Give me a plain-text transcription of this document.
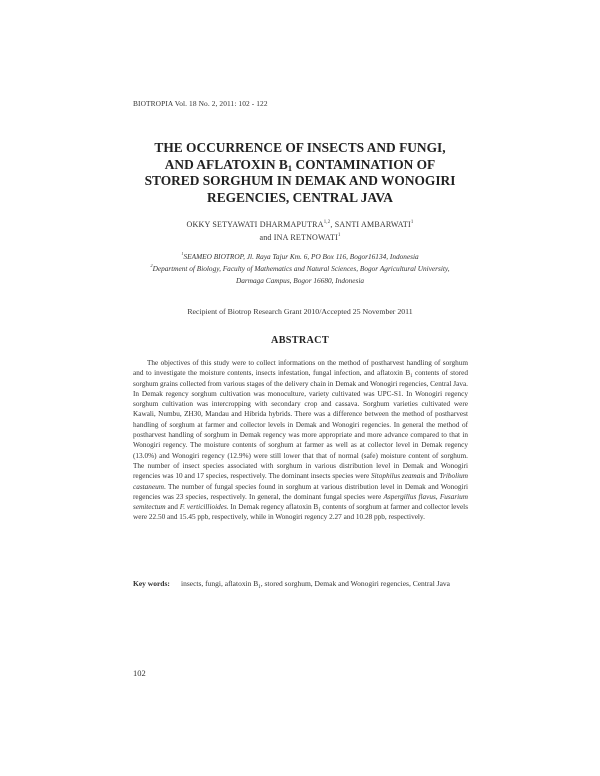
BIOTROPIA Vol. 18 No. 2, 2011: 102 - 122
THE OCCURRENCE OF INSECTS AND FUNGI,
AND AFLATOXIN $B_1$ CONTAMINATION OF
STORED SORGHUM IN DEMAK AND WONOGIRI
REGENCIES, CENTRAL JAVA
OKKY SETYAWATI DHARMAPUTRA$^{1,2}$, SANTI AMBARWATI$^1$
and INA RETNOWATI$^1$
$^1$SEAMEO BIOTROP, Jl. Raya Tajur Km. 6, PO Box 116, Bogor16134, Indonesia
$^2$Department of Biology, Faculty of Mathematics and Natural Sciences, Bogor Agricultural University,
Darmaga Campus, Bogor 16680, Indonesia
Recipient of Biotrop Research Grant 2010/Accepted 25 November 2011
ABSTRACT

The objectives of this study were to collect informations on the method of postharvest handling of sorghum and to investigate the moisture contents, insects infestation, fungal infection, and aflatoxin $B_1$ contents of stored sorghum grains collected from various stages of the delivery chain in Demak and Wonogiri regencies, Central Java. In Demak regency sorghum cultivation was monoculture, variety cultivated was UPC-S1. In Wonogiri regency sorghum cultivation was intercropping with secondary crop and cassava. Sorghum varieties cultivated were Kawali, Numbu, ZH30, Mandau and Hibrida hybrids. There was a difference between the method of postharvest handling of sorghum at farmer and collector levels in Demak and Wonogiri regencies. In general the method of postharvest handling of sorghum in Demak regency was more appropriate and more advance compared to that in Wonogiri regency. The moisture contents of sorghum at farmer as well as at collector level in Demak regency (13.0%) and Wonogiri regency (12.9%) were still lower that that of normal (safe) moisture content of sorghum. The number of insect species associated with sorghum in various distribution level in Demak and Wonogiri regencies was 10 and 17 species, respectively. The dominant insects species were Sitophilus zeamais and Tribolium castaneum. The number of fungal species found in sorghum at various distribution level in Demak and Wonogiri regencies was 23 species, respectively. In general, the dominant fungal species were Aspergillus flavus, Fusarium semitectum and F. verticillioides. In Demak regency aflatoxin $B_1$ contents of sorghum at farmer and collector levels were 22.50 and 15.45 ppb, respectively, while in Wonogiri regency 2.27 and 10.28 ppb, respectively.

Key words:	insects, fungi, aflatoxin $B_1$, stored sorghum, Demak and Wonogiri regencies, Central Java
102
